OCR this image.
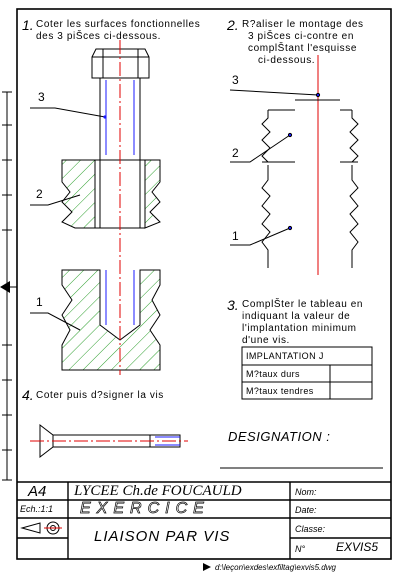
1. Coter les surfaces fonctionnelles
des 3 piŠces ci-dessous.
2. R?aliser le montage des
3 piŠces ci-contre en
complŠtant l'esquisse
ci-dessous.
3
2
1
3
2
1
3. ComplŠter le tableau en
indiquant la valeur de
l'implantation minimum
d'une vis.
IMPLANTATION J
M?taux durs
M?taux tendres
4. Coter puis d?signer la vis
DESIGNATION :
A4 LYCEE Ch.de FOUCAULD
Ech.:1:1 EXERCICE
LIAISON PAR VIS
Nom:
Date:
Classe:
N°	EXVIS5
d:\leçon\exdes\exfiltag\exvis5.dwg
